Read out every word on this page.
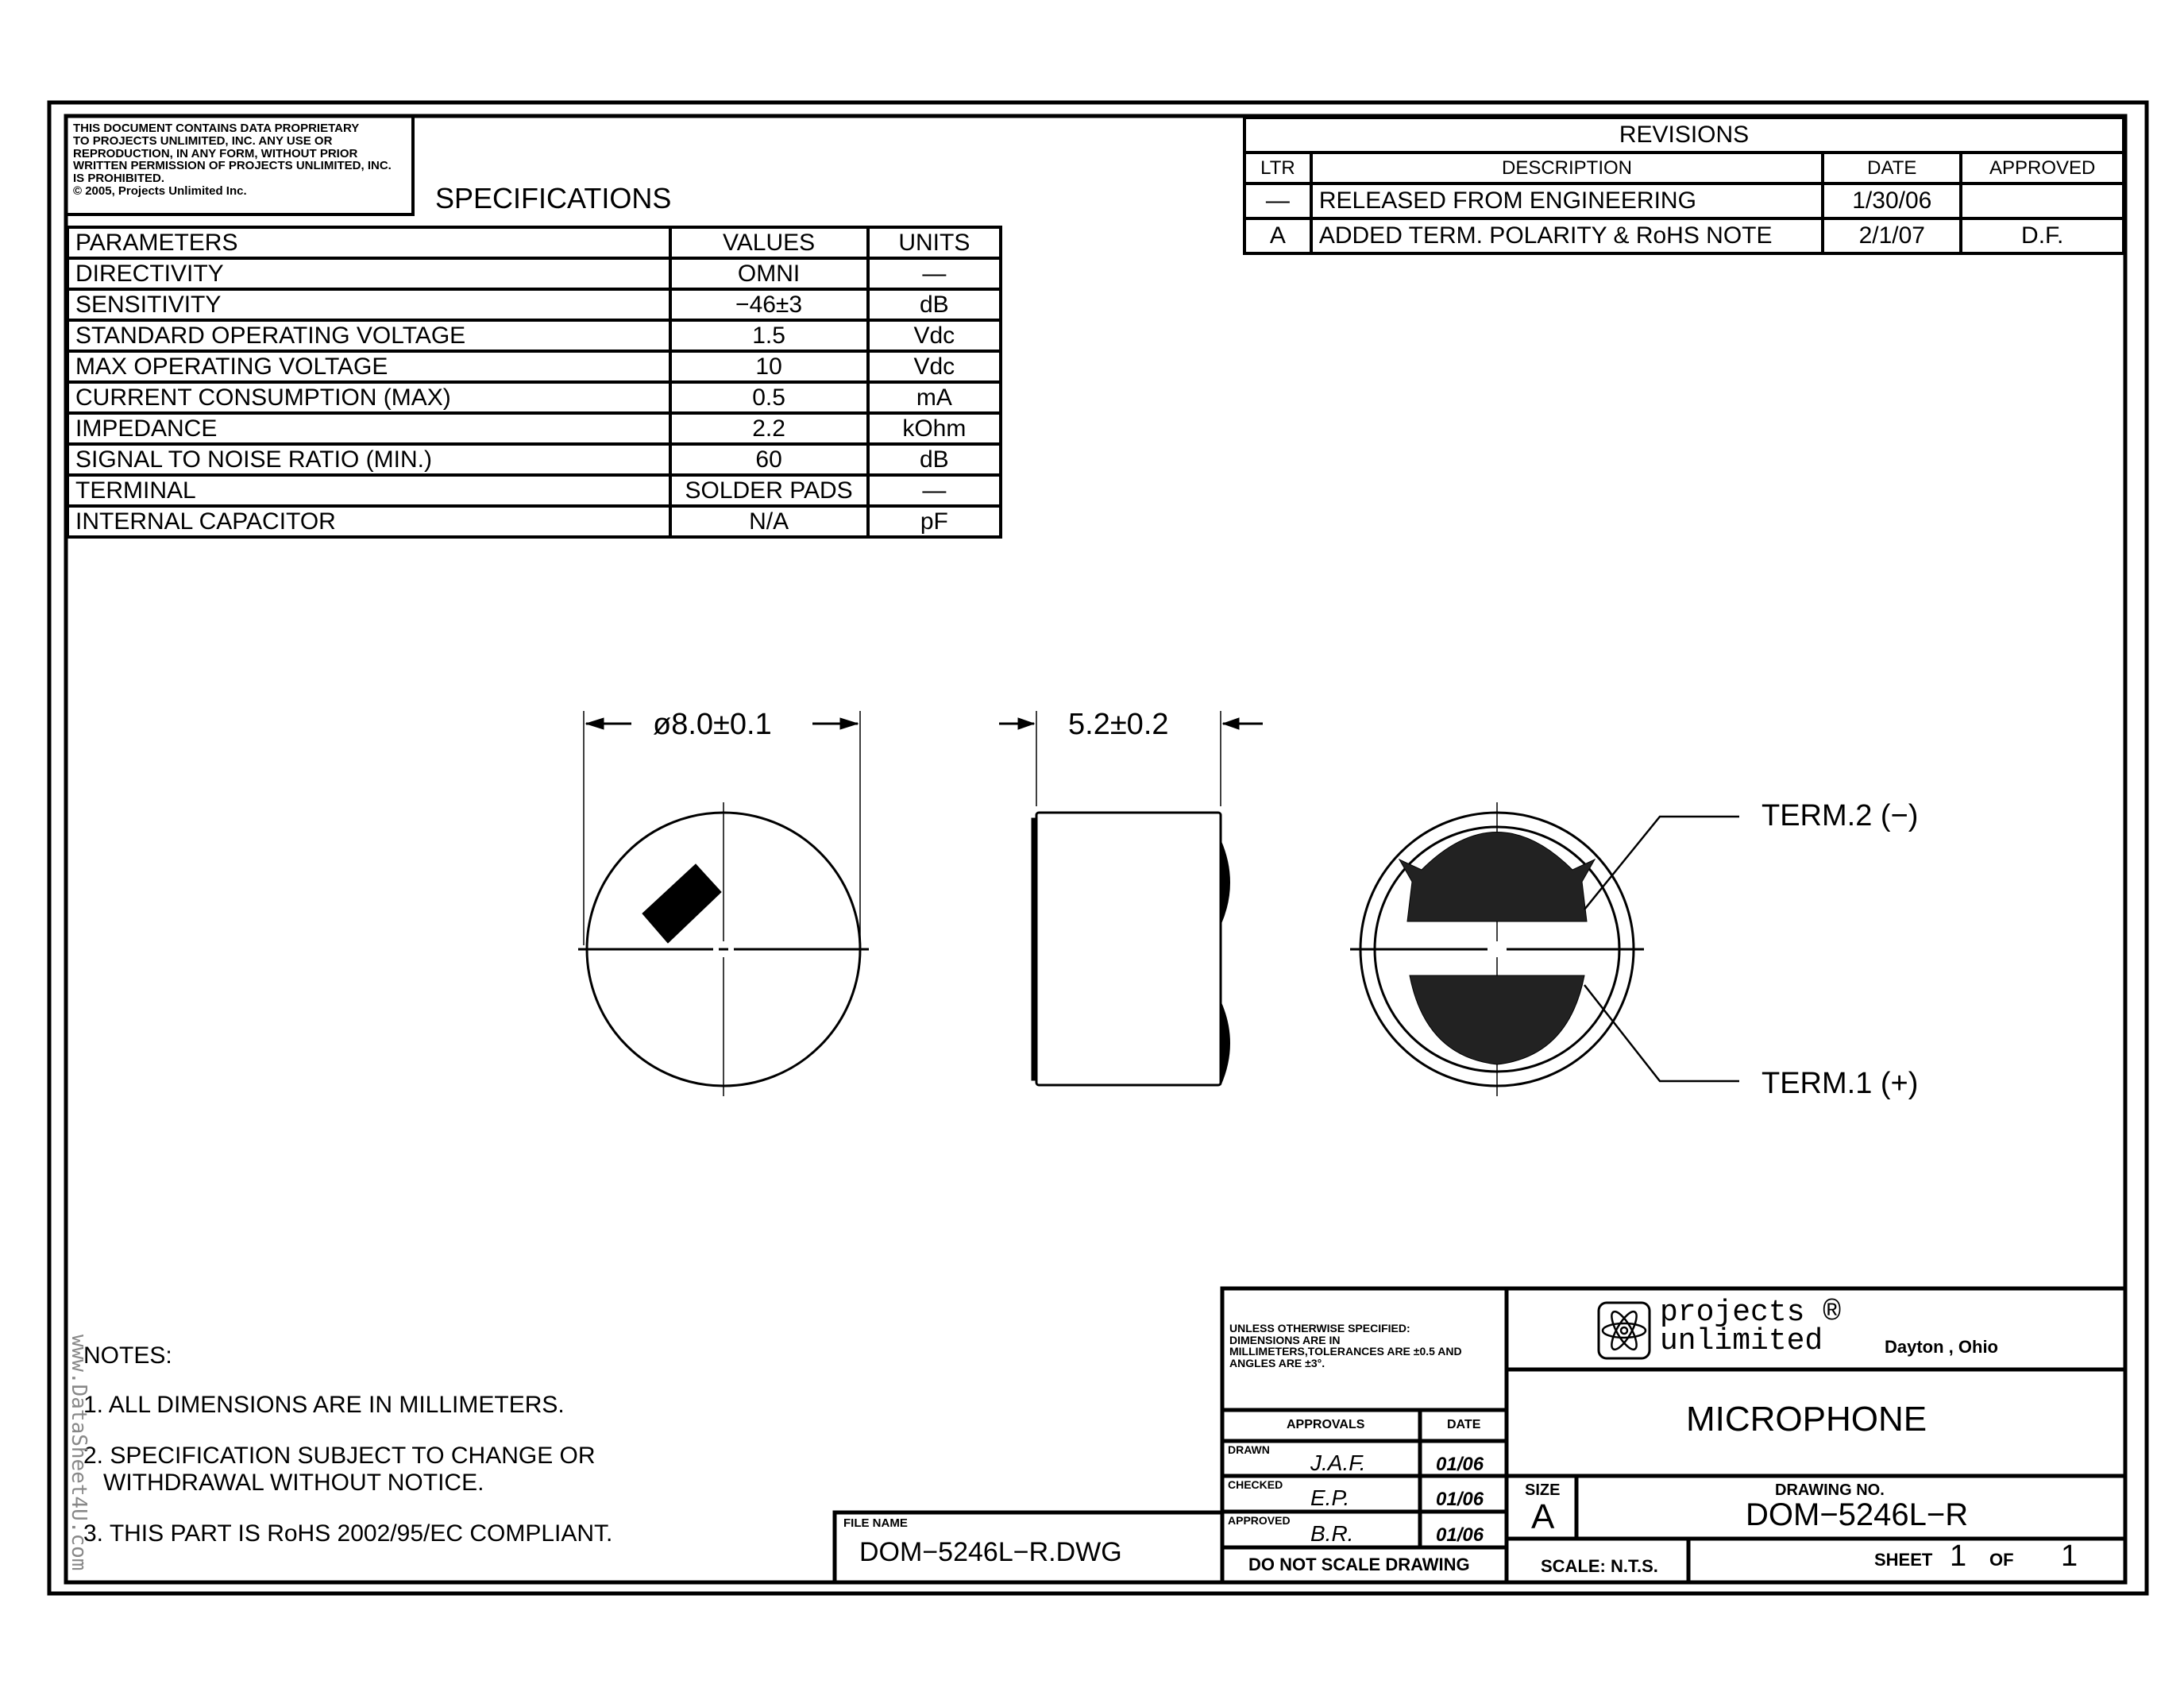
THIS DOCUMENT CONTAINS DATA PROPRIETARY
TO PROJECTS UNLIMITED, INC. ANY USE OR
REPRODUCTION, IN ANY FORM, WITHOUT PRIOR
WRITTEN PERMISSION OF PROJECTS UNLIMITED, INC.
IS PROHIBITED.
© 2005, Projects Unlimited Inc.	SPECIFICATIONS
PARAMETERS	VALUES	UNITS
DIRECTIVITY	OMNI	—
SENSITIVITY	−46±3	dB
STANDARD OPERATING VOLTAGE	1.5	Vdc
MAX OPERATING VOLTAGE	10	Vdc
CURRENT CONSUMPTION (MAX)	0.5	mA
IMPEDANCE	2.2	kOhm
SIGNAL TO NOISE RATIO (MIN.)	60	dB
TERMINAL	SOLDER PADS	—
INTERNAL CAPACITOR	N/A	pF
REVISIONS			
LTR	DESCRIPTION	DATE	APPROVED
—	RELEASED FROM ENGINEERING	1/30/06	
A	ADDED TERM. POLARITY & RoHS NOTE	2/1/07	D.F.
ø8.0±0.1	5.2±0.2
TERM.2 (−)
TERM.1 (+)
NOTES:
1. ALL DIMENSIONS ARE IN MILLIMETERS.
2. SPECIFICATION SUBJECT TO CHANGE OR
WITHDRAWAL WITHOUT NOTICE.
3. THIS PART IS RoHS 2002/95/EC COMPLIANT.	FILE NAME
DOM−5246L−R.DWG
UNLESS OTHERWISE SPECIFIED:
DIMENSIONS ARE IN
MILLIMETERS,TOLERANCES ARE ±0.5 AND
ANGLES ARE ±3°.
APPROVALS	DATE
DRAWN
J.A.F.	01/06
CHECKED
E.P.	01/06
APPROVED
B.R.	01/06
DO NOT SCALE DRAWING
projects ®
unlimited	Dayton , Ohio
MICROPHONE
SIZE
A
DRAWING NO.
DOM−5246L−R
SCALE: N.T.S.	SHEET 1 OF 1
www.DataSheet4U.com
